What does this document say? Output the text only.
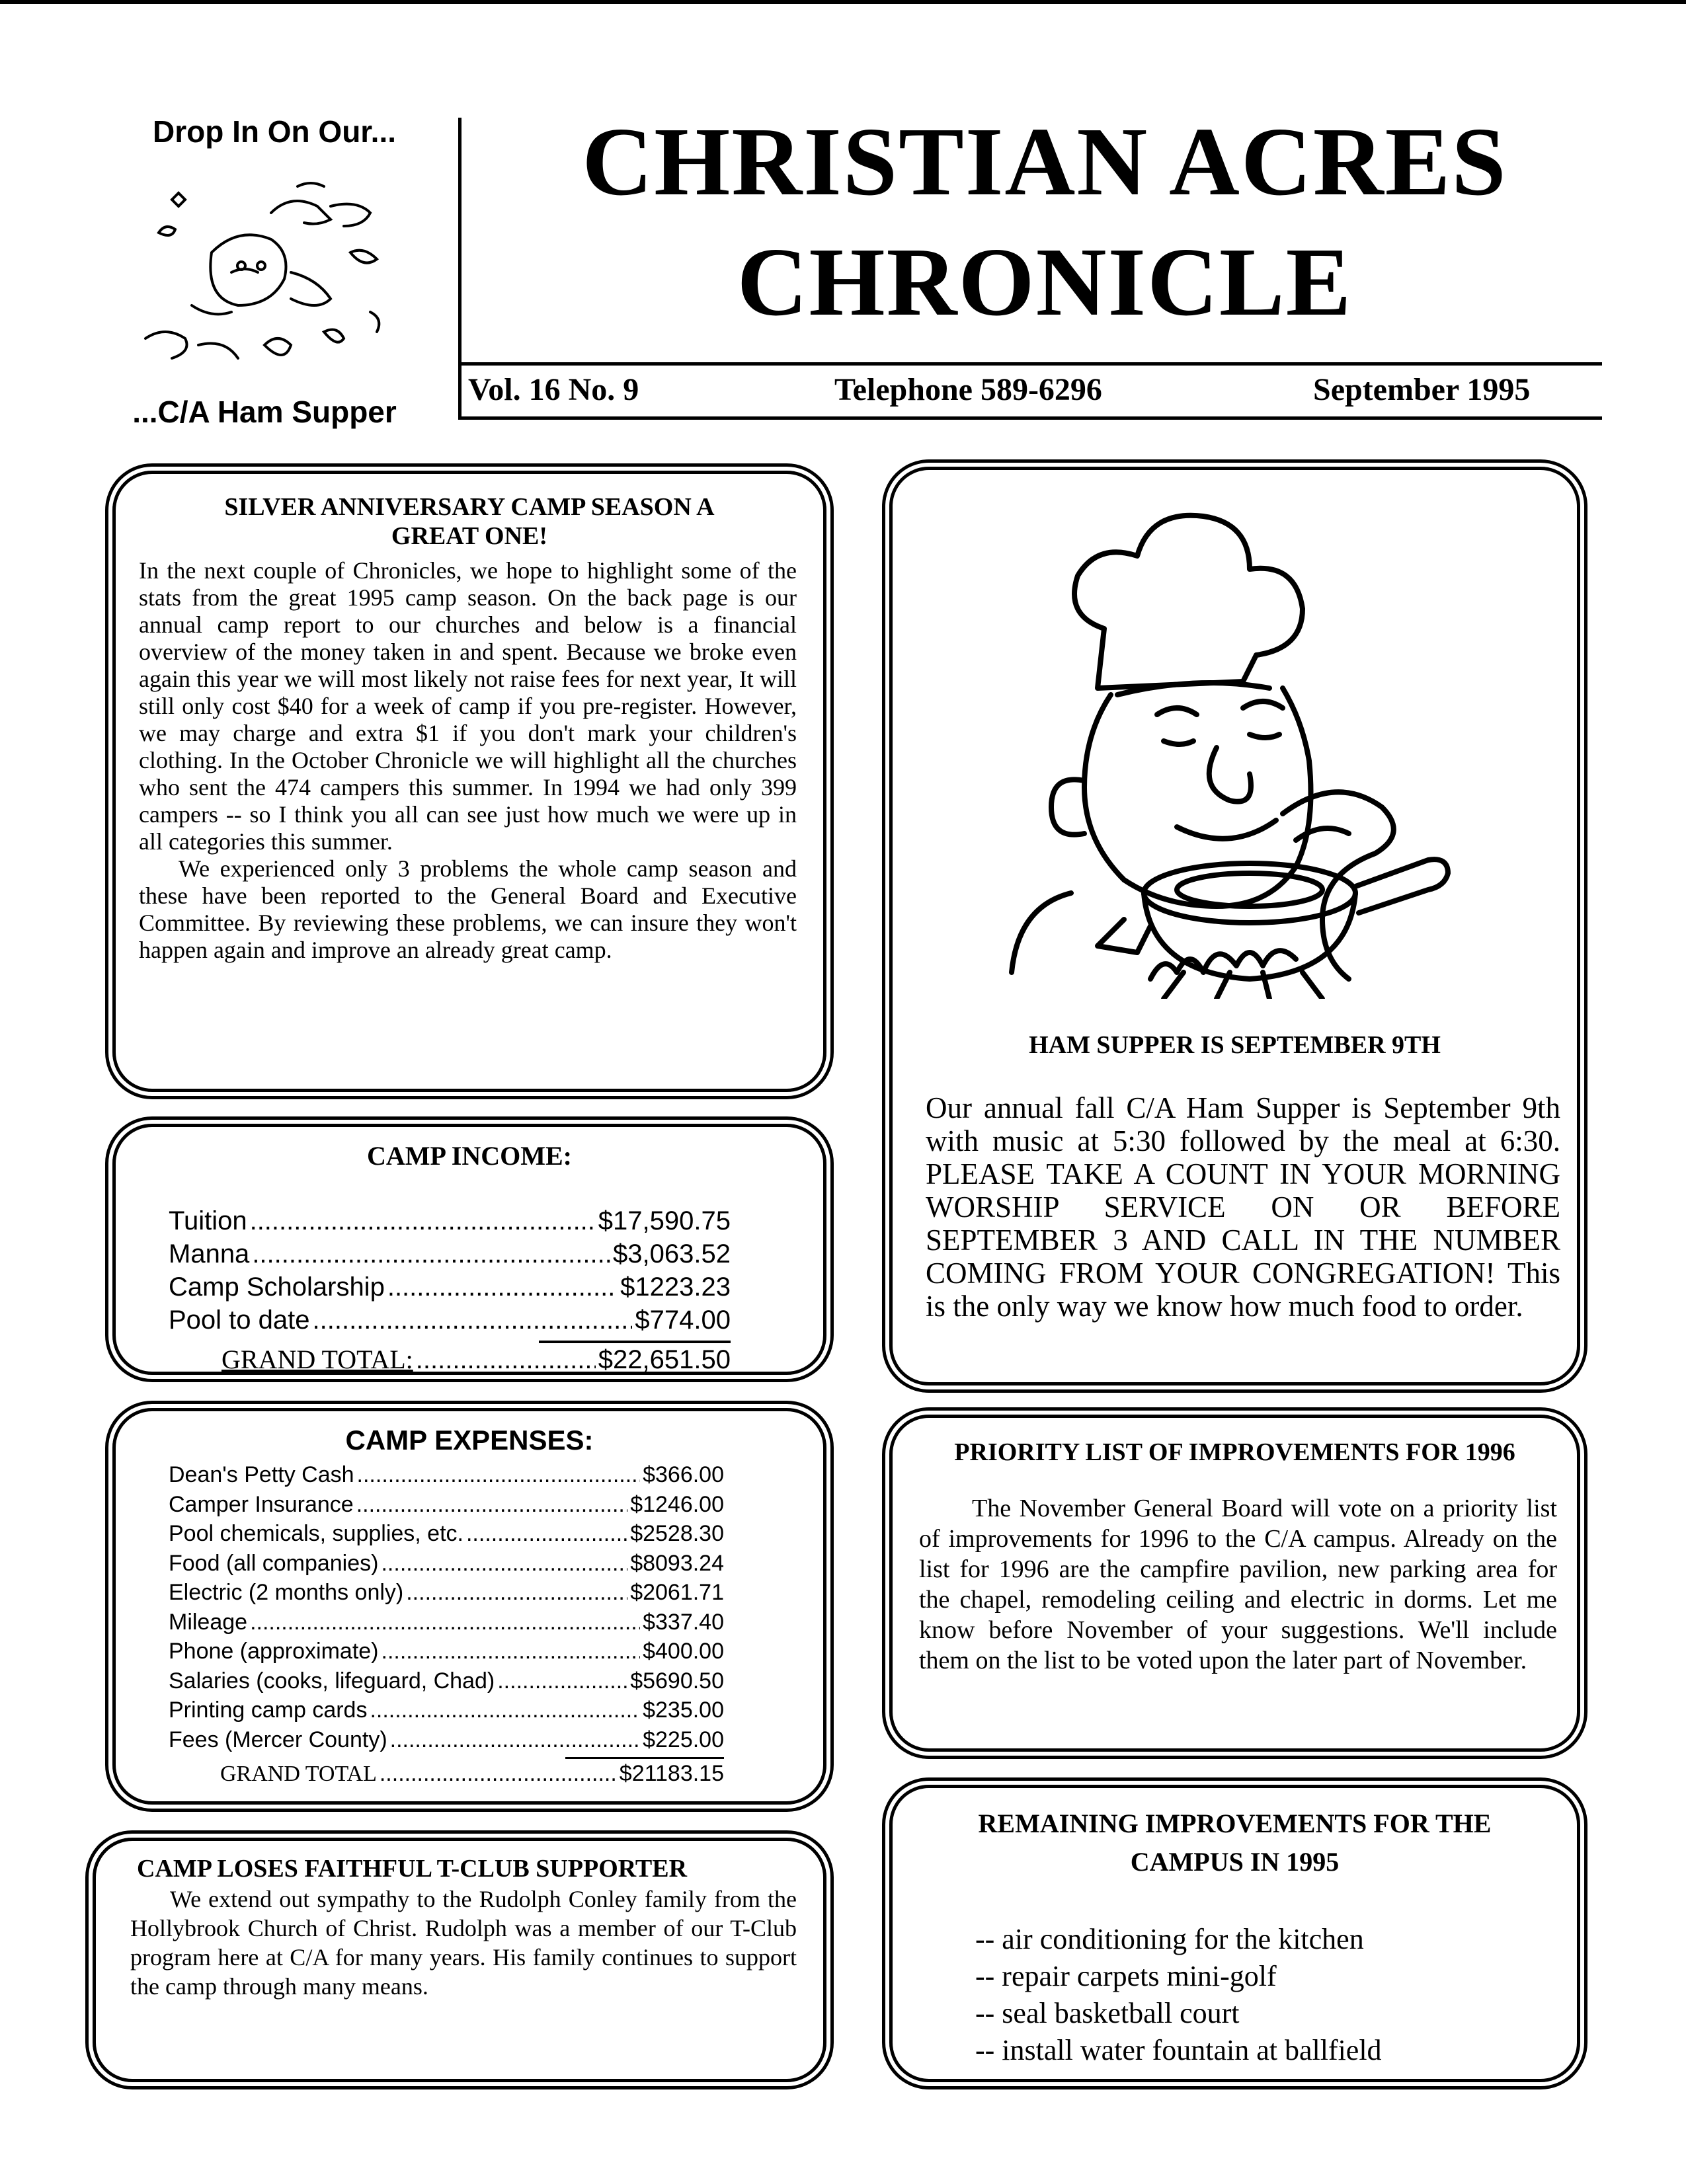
Drop In On Our...
...C/A Ham Supper
CHRISTIAN ACRES
CHRONICLE
Vol. 16 No. 9	Telephone 589-6296	September 1995
SILVER ANNIVERSARY CAMP SEASON A
GREAT ONE!

In the next couple of Chronicles, we hope to highlight some of the stats from the great 1995 camp season. On the back page is our annual camp report to our churches and below is a financial overview of the money taken in and spent. Because we broke even again this year we will most likely not raise fees for next year, It will still only cost $40 for a week of camp if you pre-register. However, we may charge and extra $1 if you don't mark your children's clothing. In the October Chronicle we will highlight all the churches who sent the 474 campers this summer. In 1994 we had only 399 campers -- so I think you all can see just how much we were up in all categories this summer.

We experienced only 3 problems the whole camp season and these have been reported to the General Board and Executive Committee. By reviewing these problems, we can insure they won't happen again and improve an already great camp.

CAMP INCOME:
Tuition .....	$17,590.75
Manna .....	$3,063.52
Camp Scholarship .....	$1223.23
Pool to date .....	$774.00
GRAND TOTAL: .....	$22,651.50
CAMP EXPENSES:
Dean's Petty Cash .....	$366.00
Camper Insurance .....	$1246.00
Pool chemicals, supplies, etc. .....	$2528.30
Food (all companies) .....	$8093.24
Electric (2 months only) .....	$2061.71
Mileage .....	$337.40
Phone (approximate) .....	$400.00
Salaries (cooks, lifeguard, Chad) .....	$5690.50
Printing camp cards .....	$235.00
Fees (Mercer County) .....	$225.00
GRAND TOTAL .....	$21183.15
CAMP LOSES FAITHFUL T-CLUB SUPPORTER
We extend out sympathy to the Rudolph Conley family from the Hollybrook Church of Christ. Rudolph was a member of our T-Club program here at C/A for many years. His family continues to support the camp through many means.
HAM SUPPER IS SEPTEMBER 9TH
Our annual fall C/A Ham Supper is September 9th with music at 5:30 followed by the meal at 6:30. PLEASE TAKE A COUNT IN YOUR MORNING WORSHIP SERVICE ON OR BEFORE SEPTEMBER 3 AND CALL IN THE NUMBER COMING FROM YOUR CONGREGATION! This is the only way we know how much food to order.
PRIORITY LIST OF IMPROVEMENTS FOR 1996
The November General Board will vote on a priority list of improvements for 1996 to the C/A campus. Already on the list for 1996 are the campfire pavilion, new parking area for the chapel, remodeling ceiling and electric in dorms. Let me know before November of your suggestions. We'll include them on the list to be voted upon the later part of November.
REMAINING IMPROVEMENTS FOR THE
CAMPUS IN 1995
-- air conditioning for the kitchen
-- repair carpets mini-golf
-- seal basketball court
-- install water fountain at ballfield
